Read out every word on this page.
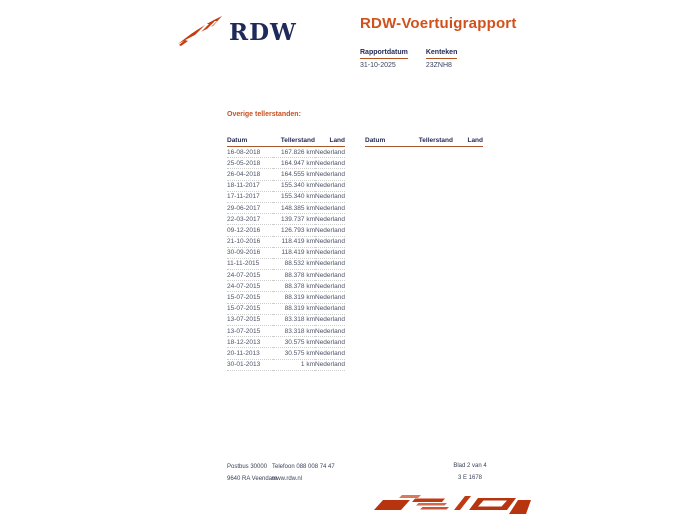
RDW	RDW-Voertuigrapport
Rapportdatum
31-10-2025
Kenteken
23ZNH8
Overige tellerstanden:
Datum	Tellerstand	Land
16-08-2018	167.826 km	Nederland
25-05-2018	164.947 km	Nederland
26-04-2018	164.555 km	Nederland
18-11-2017	155.340 km	Nederland
17-11-2017	155.340 km	Nederland
29-06-2017	148.385 km	Nederland
22-03-2017	139.737 km	Nederland
09-12-2016	126.793 km	Nederland
21-10-2016	118.419 km	Nederland
30-09-2016	118.419 km	Nederland
11-11-2015	88.532 km	Nederland
24-07-2015	88.378 km	Nederland
24-07-2015	88.378 km	Nederland
15-07-2015	88.319 km	Nederland
15-07-2015	88.319 km	Nederland
13-07-2015	83.318 km	Nederland
13-07-2015	83.318 km	Nederland
18-12-2013	30.575 km	Nederland
20-11-2013	30.575 km	Nederland
30-01-2013	1 km	Nederland
Datum	Tellerstand	Land
Postbus 30000
9640 RA Veendam
Telefoon 088 008 74 47
www.rdw.nl
Blad 2 van 4
3 E 1678
